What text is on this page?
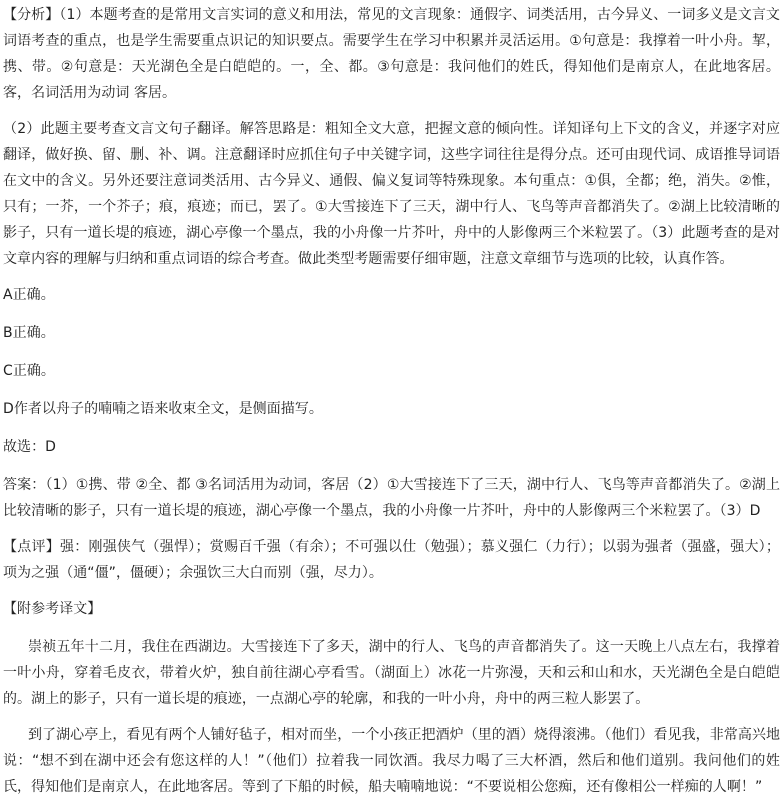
【分析】（1）本题考查的是常用文言实词的意义和用法，常见的文言现象：通假字、词类活用，古今异义、一词多义是文言文词语考查的重点，也是学生需要重点识记的知识要点。需要学生在学习中积累并灵活运用。①句意是：我撑着一叶小舟。挈，携、带。②句意是：天光湖色全是白皑皑的。一，全、都。③句意是：我问他们的姓氏，得知他们是南京人，在此地客居。客，名词活用为动词 客居。

（2）此题主要考查文言文句子翻译。解答思路是：粗知全文大意，把握文意的倾向性。详知译句上下文的含义，并逐字对应翻译，做好换、留、删、补、调。注意翻译时应抓住句子中关键字词，这些字词往往是得分点。还可由现代词、成语推导词语在文中的含义。另外还要注意词类活用、古今异义、通假、偏义复词等特殊现象。本句重点：①俱，全都；绝，消失。②惟，只有；一芥，一个芥子；痕，痕迹；而已，罢了。①大雪接连下了三天，湖中行人、飞鸟等声音都消失了。②湖上比较清晰的影子，只有一道长堤的痕迹，湖心亭像一个墨点，我的小舟像一片芥叶，舟中的人影像两三个米粒罢了。（3）此题考查的是对文章内容的理解与归纳和重点词语的综合考查。做此类型考题需要仔细审题，注意文章细节与选项的比较，认真作答。

A正确。

B正确。

C正确。

D作者以舟子的喃喃之语来收束全文，是侧面描写。

故选：D

答案：（1）①携、带 ②全、都 ③名词活用为动词，客居（2）①大雪接连下了三天，湖中行人、飞鸟等声音都消失了。②湖上比较清晰的影子，只有一道长堤的痕迹，湖心亭像一个墨点，我的小舟像一片芥叶，舟中的人影像两三个米粒罢了。（3）D

【点评】强：刚强侠气（强悍）；赏赐百千强（有余）；不可强以仕（勉强）；慕义强仁（力行）；以弱为强者（强盛，强大）；项为之强（通“僵”，僵硬）；余强饮三大白而别（强，尽力）。

【附参考译文】

崇祯五年十二月，我住在西湖边。大雪接连下了多天，湖中的行人、飞鸟的声音都消失了。这一天晚上八点左右，我撑着一叶小舟，穿着毛皮衣，带着火炉，独自前往湖心亭看雪。（湖面上）冰花一片弥漫，天和云和山和水，天光湖色全是白皑皑的。湖上的影子，只有一道长堤的痕迹，一点湖心亭的轮廓，和我的一叶小舟，舟中的两三粒人影罢了。

到了湖心亭上，看见有两个人铺好毡子，相对而坐，一个小孩正把酒炉（里的酒）烧得滚沸。（他们）看见我，非常高兴地说：“想不到在湖中还会有您这样的人！”（他们）拉着我一同饮酒。我尽力喝了三大杯酒，然后和他们道别。我问他们的姓氏，得知他们是南京人，在此地客居。等到了下船的时候，船夫喃喃地说：“不要说相公您痴，还有像相公一样痴的人啊！”
